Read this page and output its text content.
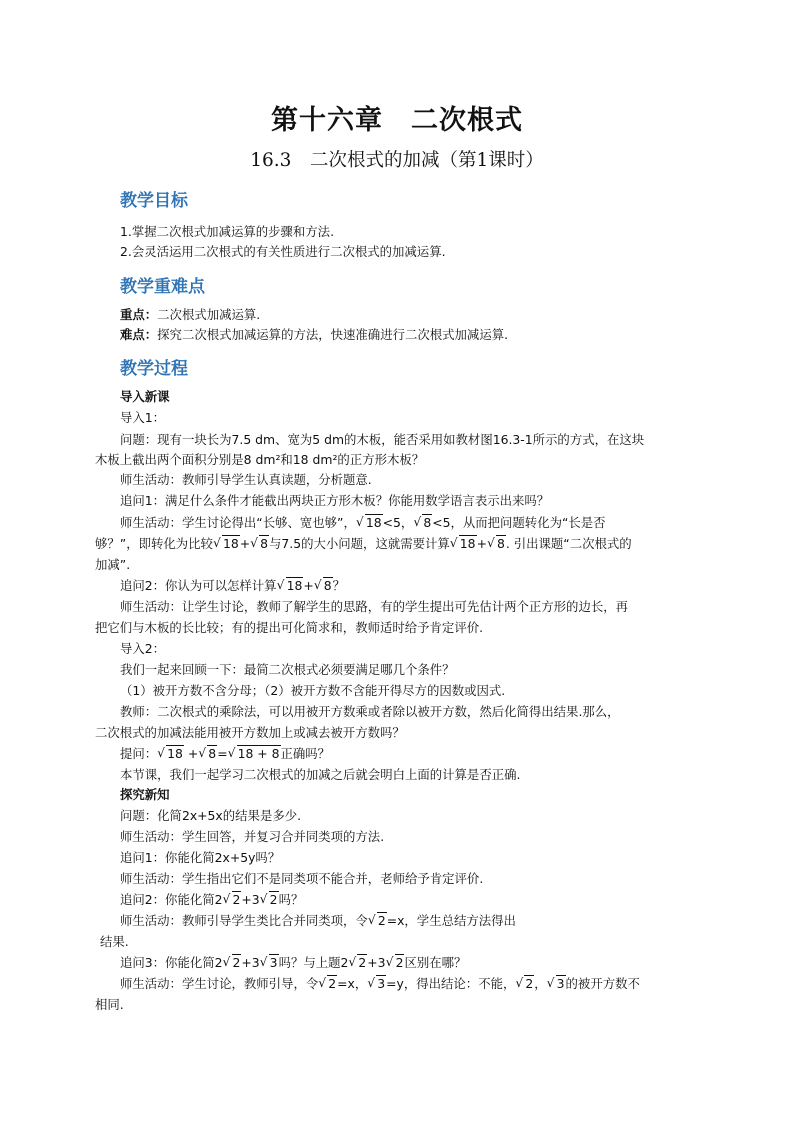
第十六章　二次根式
16.3　二次根式的加减（第1课时）
教学目标
1.掌握二次根式加减运算的步骤和方法.
2.会灵活运用二次根式的有关性质进行二次根式的加减运算.
教学重难点
重点：二次根式加减运算.
难点：探究二次根式加减运算的方法，快速准确进行二次根式加减运算.
教学过程
导入新课
导入1：
问题：现有一块长为7.5 dm、宽为5 dm的木板，能否采用如教材图16.3-1所示的方式，在这块
木板上截出两个面积分别是8 dm²和18 dm²的正方形木板？
师生活动：教师引导学生认真读题，分析题意.
追问1：满足什么条件才能截出两块正方形木板？你能用数学语言表示出来吗？
师生活动：学生讨论得出“长够、宽也够”， √ 18<5， √ 8<5，从而把问题转化为“长是否
够？”，即转化为比较 √ 18+ √ 8与7.5的大小问题，这就需要计算 √ 18+ √ 8. 引出课题“二次根式的
加减”.
追问2：你认为可以怎样计算 √ 18+ √ 8？
师生活动：让学生讨论，教师了解学生的思路，有的学生提出可先估计两个正方形的边长，再
把它们与木板的长比较；有的提出可化简求和，教师适时给予肯定评价.
导入2：
我们一起来回顾一下：最简二次根式必须要满足哪几个条件？
（1）被开方数不含分母；（2）被开方数不含能开得尽方的因数或因式.
教师：二次根式的乘除法，可以用被开方数乘或者除以被开方数，然后化简得出结果.那么，
二次根式的加减法能用被开方数加上或减去被开方数吗？
提问： √ 18 + √ 8= √ 18 + 8正确吗？
本节课，我们一起学习二次根式的加减之后就会明白上面的计算是否正确.
探究新知
问题：化简2x+5x的结果是多少.
师生活动：学生回答，并复习合并同类项的方法.
追问1：你能化简2x+5y吗？
师生活动：学生指出它们不是同类项不能合并，老师给予肯定评价.
追问2：你能化简2 √ 2+3 √ 2吗？
师生活动：教师引导学生类比合并同类项，令 √ 2=x，学生总结方法得出
结果.
追问3：你能化简2 √ 2+3 √ 3吗？与上题2 √ 2+3 √ 2区别在哪？
师生活动：学生讨论，教师引导，令 √ 2=x， √ 3=y，得出结论：不能， √ 2， √ 3的被开方数不
相同.
